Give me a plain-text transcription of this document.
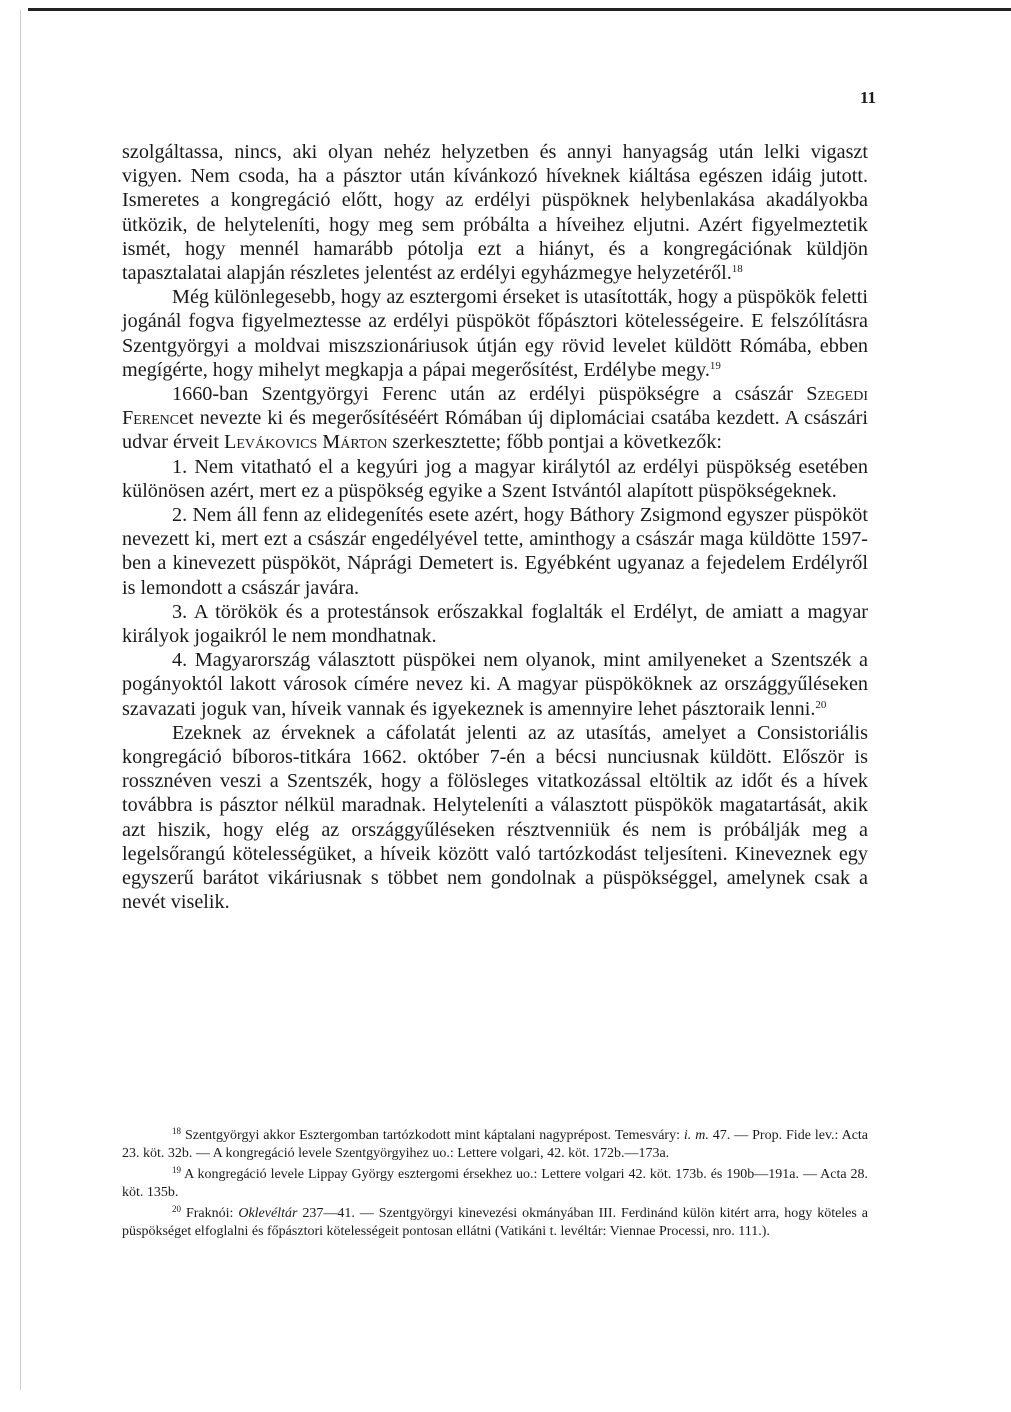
11

szolgáltassa, nincs, aki olyan nehéz helyzetben és annyi hanyagság után lelki vigaszt vigyen. Nem csoda, ha a pásztor után kívánkozó híveknek kiáltása egészen idáig jutott. Ismeretes a kongregáció előtt, hogy az erdélyi püspöknek helybenlakása akadályokba ütközik, de helyteleníti, hogy meg sem próbálta a híveihez eljutni. Azért figyelmeztetik ismét, hogy mennél hamarább pótolja ezt a hiányt, és a kongregációnak küldjön tapasztalatai alapján részletes jelentést az erdélyi egyházmegye helyzetéről.$^{18}$

Még különlegesebb, hogy az esztergomi érseket is utasították, hogy a püspökök feletti jogánál fogva figyelmeztesse az erdélyi püspököt főpásztori kötelességeire. E felszólításra Szentgyörgyi a moldvai miszszionáriusok útján egy rövid levelet küldött Rómába, ebben megígérte, hogy mihelyt megkapja a pápai megerősítést, Erdélybe megy.$^{19}$

1660-ban Szentgyörgyi Ferenc után az erdélyi püspökségre a császár Szegedi Ferencet nevezte ki és megerősítéséért Rómában új diplomáciai csatába kezdett. A császári udvar érveit Levákovics Márton szerkesztette; főbb pontjai a következők:

1. Nem vitatható el a kegyúri jog a magyar királytól az erdélyi püspökség esetében különösen azért, mert ez a püspökség egyike a Szent Istvántól alapított püspökségeknek.

2. Nem áll fenn az elidegenítés esete azért, hogy Báthory Zsigmond egyszer püspököt nevezett ki, mert ezt a császár engedélyével tette, aminthogy a császár maga küldötte 1597-ben a kinevezett püspököt, Náprági Demetert is. Egyébként ugyanaz a fejedelem Erdélyről is lemondott a császár javára.

3. A törökök és a protestánsok erőszakkal foglalták el Erdélyt, de amiatt a magyar királyok jogaikról le nem mondhatnak.

4. Magyarország választott püspökei nem olyanok, mint amilyeneket a Szentszék a pogányoktól lakott városok címére nevez ki. A magyar püspököknek az országgyűléseken szavazati joguk van, híveik vannak és igyekeznek is amennyire lehet pásztoraik lenni.$^{20}$

Ezeknek az érveknek a cáfolatát jelenti az az utasítás, amelyet a Consistoriális kongregáció bíboros-titkára 1662. október 7-én a bécsi nunciusnak küldött. Először is rossznéven veszi a Szentszék, hogy a fölösleges vitatkozással eltöltik az időt és a hívek továbbra is pásztor nélkül maradnak. Helyteleníti a választott püspökök magatartását, akik azt hiszik, hogy elég az országgyűléseken résztvenniük és nem is próbálják meg a legelsőrangú kötelességüket, a híveik között való tartózkodást teljesíteni. Kineveznek egy egyszerű barátot vikáriusnak s többet nem gondolnak a püspökséggel, amelynek csak a nevét viselik.

$^{18}$ Szentgyörgyi akkor Esztergomban tartózkodott mint káptalani nagyprépost. Temesváry: i. m. 47. — Prop. Fide lev.: Acta 23. köt. 32b. — A kongregáció levele Szentgyörgyihez uo.: Lettere volgari, 42. köt. 172b.—173a.

$^{19}$ A kongregáció levele Lippay György esztergomi érsekhez uo.: Lettere volgari 42. köt. 173b. és 190b—191a. — Acta 28. köt. 135b.

$^{20}$ Fraknói: Oklevéltár 237—41. — Szentgyörgyi kinevezési okmányában III. Ferdinánd külön kitért arra, hogy köteles a püspökséget elfoglalni és főpásztori kötelességeit pontosan ellátni (Vatikáni t. levéltár: Viennae Processi, nro. 111.).
